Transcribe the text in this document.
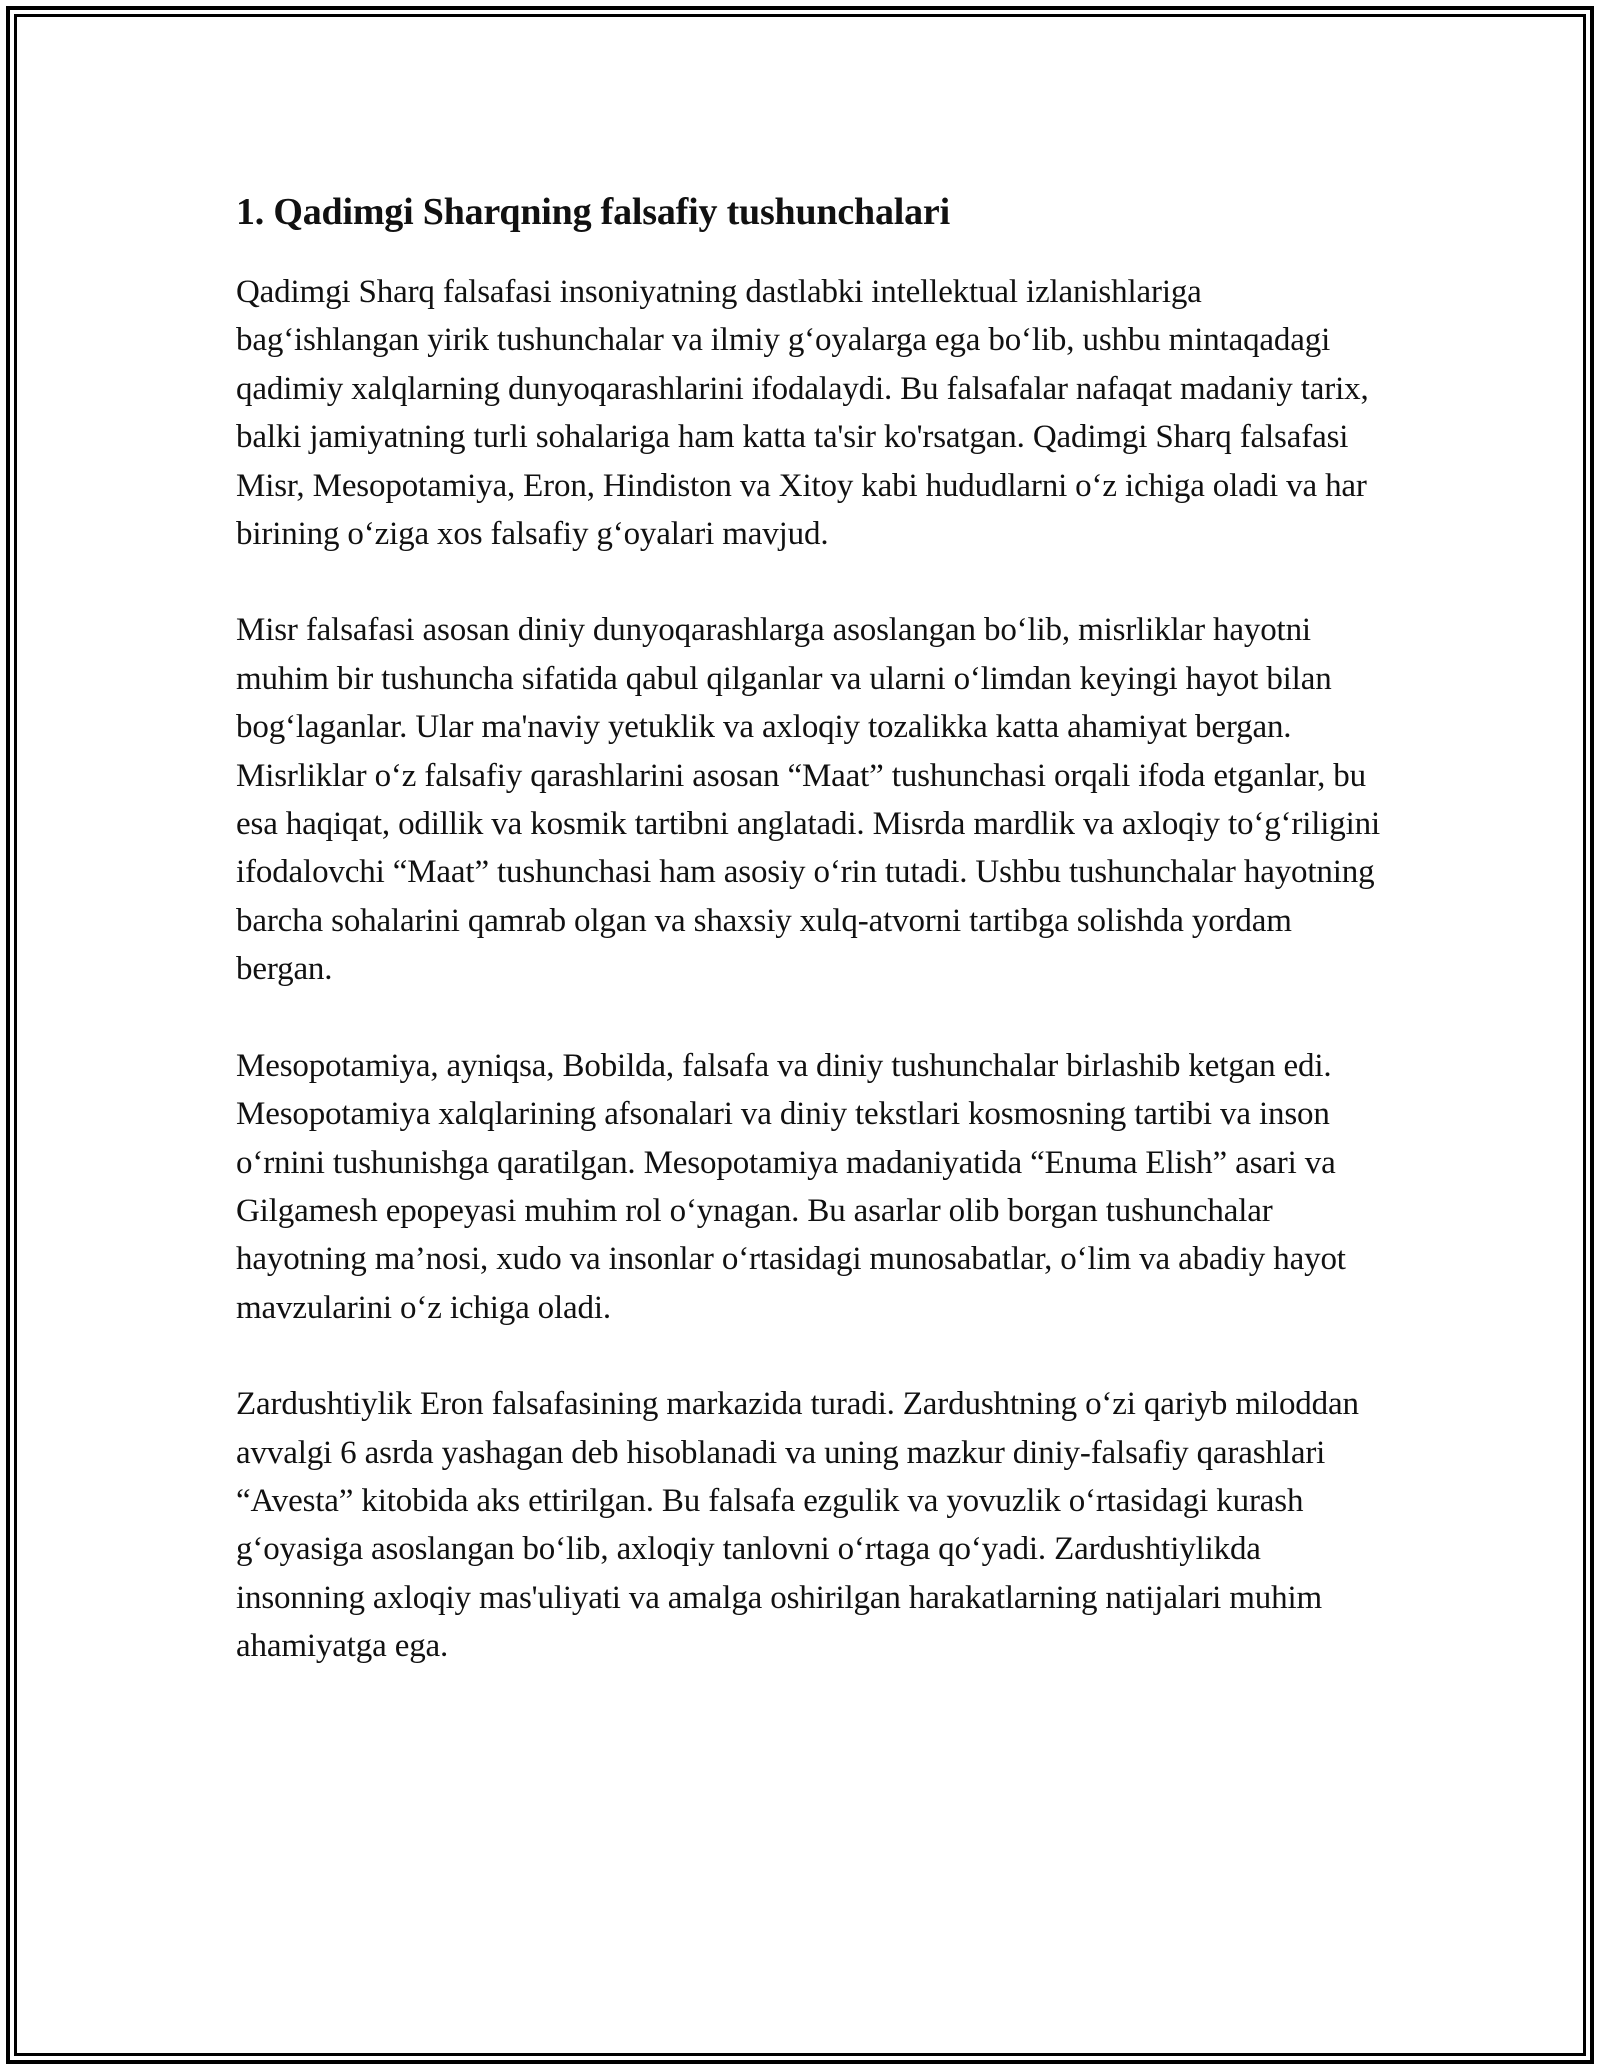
1. Qadimgi Sharqning falsafiy tushunchalari

Qadimgi Sharq falsafasi insoniyatning dastlabki intellektual izlanishlariga bag‘ishlangan yirik tushunchalar va ilmiy g‘oyalarga ega bo‘lib, ushbu mintaqadagi qadimiy xalqlarning dunyoqarashlarini ifodalaydi. Bu falsafalar nafaqat madaniy tarix, balki jamiyatning turli sohalariga ham katta ta'sir ko'rsatgan. Qadimgi Sharq falsafasi Misr, Mesopotamiya, Eron, Hindiston va Xitoy kabi hududlarni o‘z ichiga oladi va har birining o‘ziga xos falsafiy g‘oyalari mavjud.

Misr falsafasi asosan diniy dunyoqarashlarga asoslangan bo‘lib, misrliklar hayotni muhim bir tushuncha sifatida qabul qilganlar va ularni o‘limdan keyingi hayot bilan bog‘laganlar. Ular ma'naviy yetuklik va axloqiy tozalikka katta ahamiyat bergan. Misrliklar o‘z falsafiy qarashlarini asosan “Maat” tushunchasi orqali ifoda etganlar, bu esa haqiqat, odillik va kosmik tartibni anglatadi. Misrda mardlik va axloqiy to‘g‘riligini ifodalovchi “Maat” tushunchasi ham asosiy o‘rin tutadi. Ushbu tushunchalar hayotning barcha sohalarini qamrab olgan va shaxsiy xulq-atvorni tartibga solishda yordam bergan.

Mesopotamiya, ayniqsa, Bobilda, falsafa va diniy tushunchalar birlashib ketgan edi. Mesopotamiya xalqlarining afsonalari va diniy tekstlari kosmosning tartibi va inson o‘rnini tushunishga qaratilgan. Mesopotamiya madaniyatida “Enuma Elish” asari va Gilgamesh epopeyasi muhim rol o‘ynagan. Bu asarlar olib borgan tushunchalar hayotning ma’nosi, xudo va insonlar o‘rtasidagi munosabatlar, o‘lim va abadiy hayot mavzularini o‘z ichiga oladi.

Zardushtiylik Eron falsafasining markazida turadi. Zardushtning o‘zi qariyb miloddan avvalgi 6 asrda yashagan deb hisoblanadi va uning mazkur diniy-falsafiy qarashlari “Avesta” kitobida aks ettirilgan. Bu falsafa ezgulik va yovuzlik o‘rtasidagi kurash g‘oyasiga asoslangan bo‘lib, axloqiy tanlovni o‘rtaga qo‘yadi. Zardushtiylikda insonning axloqiy mas'uliyati va amalga oshirilgan harakatlarning natijalari muhim ahamiyatga ega.
